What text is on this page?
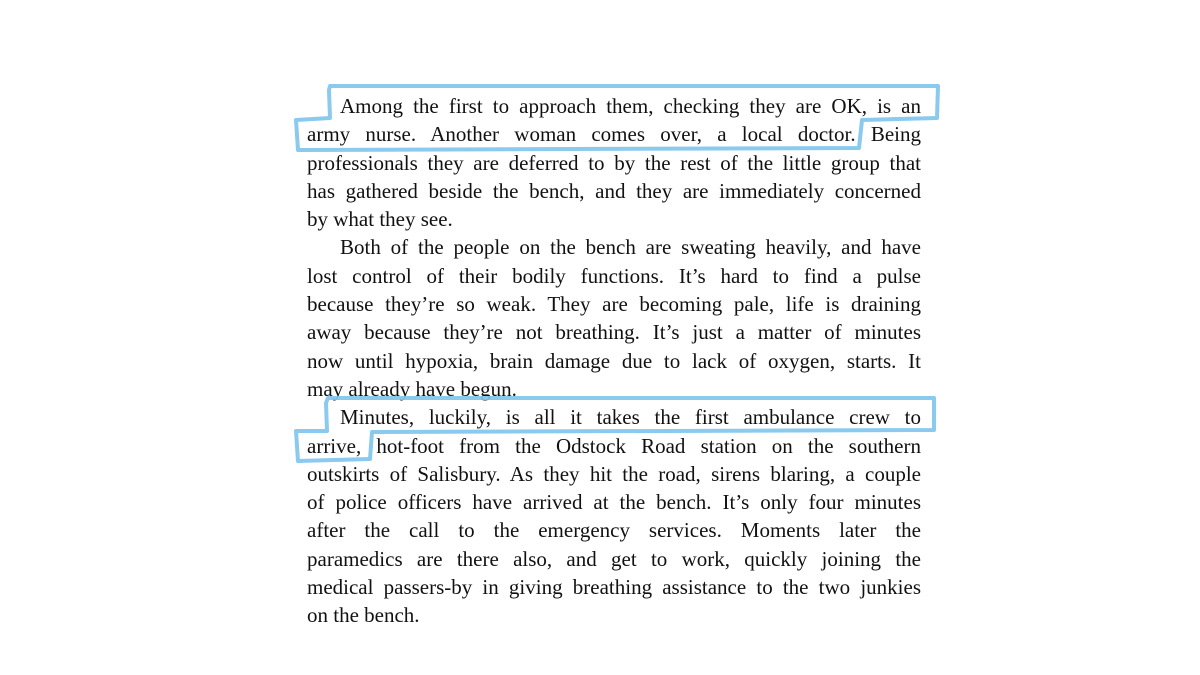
Among the first to approach them, checking they are OK, is an
army nurse. Another woman comes over, a local doctor. Being
professionals they are deferred to by the rest of the little group that
has gathered beside the bench, and they are immediately concerned
by what they see.
Both of the people on the bench are sweating heavily, and have
lost control of their bodily functions. It’s hard to find a pulse
because they’re so weak. They are becoming pale, life is draining
away because they’re not breathing. It’s just a matter of minutes
now until hypoxia, brain damage due to lack of oxygen, starts. It
may already have begun.
Minutes, luckily, is all it takes the first ambulance crew to
arrive, hot-foot from the Odstock Road station on the southern
outskirts of Salisbury. As they hit the road, sirens blaring, a couple
of police officers have arrived at the bench. It’s only four minutes
after the call to the emergency services. Moments later the
paramedics are there also, and get to work, quickly joining the
medical passers-by in giving breathing assistance to the two junkies
on the bench.
